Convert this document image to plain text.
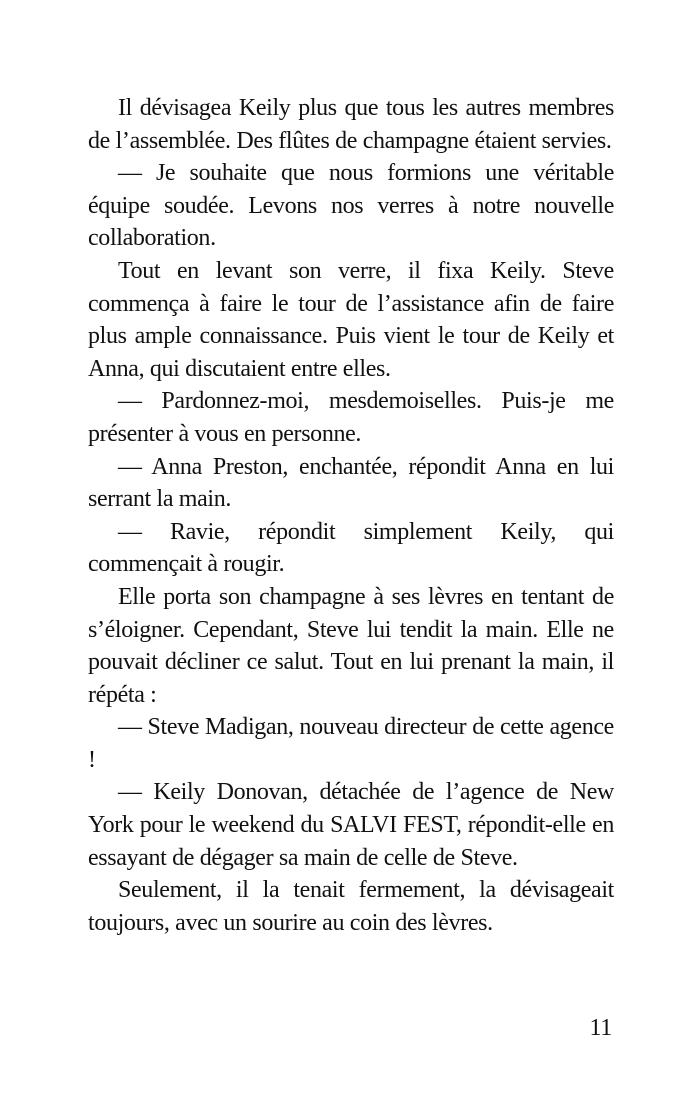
Il dévisagea Keily plus que tous les autres membres de l’assemblée. Des flûtes de champagne étaient servies.

— Je souhaite que nous formions une véritable équipe soudée. Levons nos verres à notre nouvelle collaboration.

Tout en levant son verre, il fixa Keily. Steve commença à faire le tour de l’assistance afin de faire plus ample connaissance. Puis vient le tour de Keily et Anna, qui discutaient entre elles.

— Pardonnez-moi, mesdemoiselles. Puis-je me présenter à vous en personne.

— Anna Preston, enchantée, répondit Anna en lui serrant la main.

— Ravie, répondit simplement Keily, qui commençait à rougir.

Elle porta son champagne à ses lèvres en tentant de s’éloigner. Cependant, Steve lui tendit la main. Elle ne pouvait décliner ce salut. Tout en lui prenant la main, il répéta :

— Steve Madigan, nouveau directeur de cette agence !

— Keily Donovan, détachée de l’agence de New York pour le weekend du SALVI FEST, répondit-elle en essayant de dégager sa main de celle de Steve.

Seulement, il la tenait fermement, la dévisageait toujours, avec un sourire au coin des lèvres.

11
